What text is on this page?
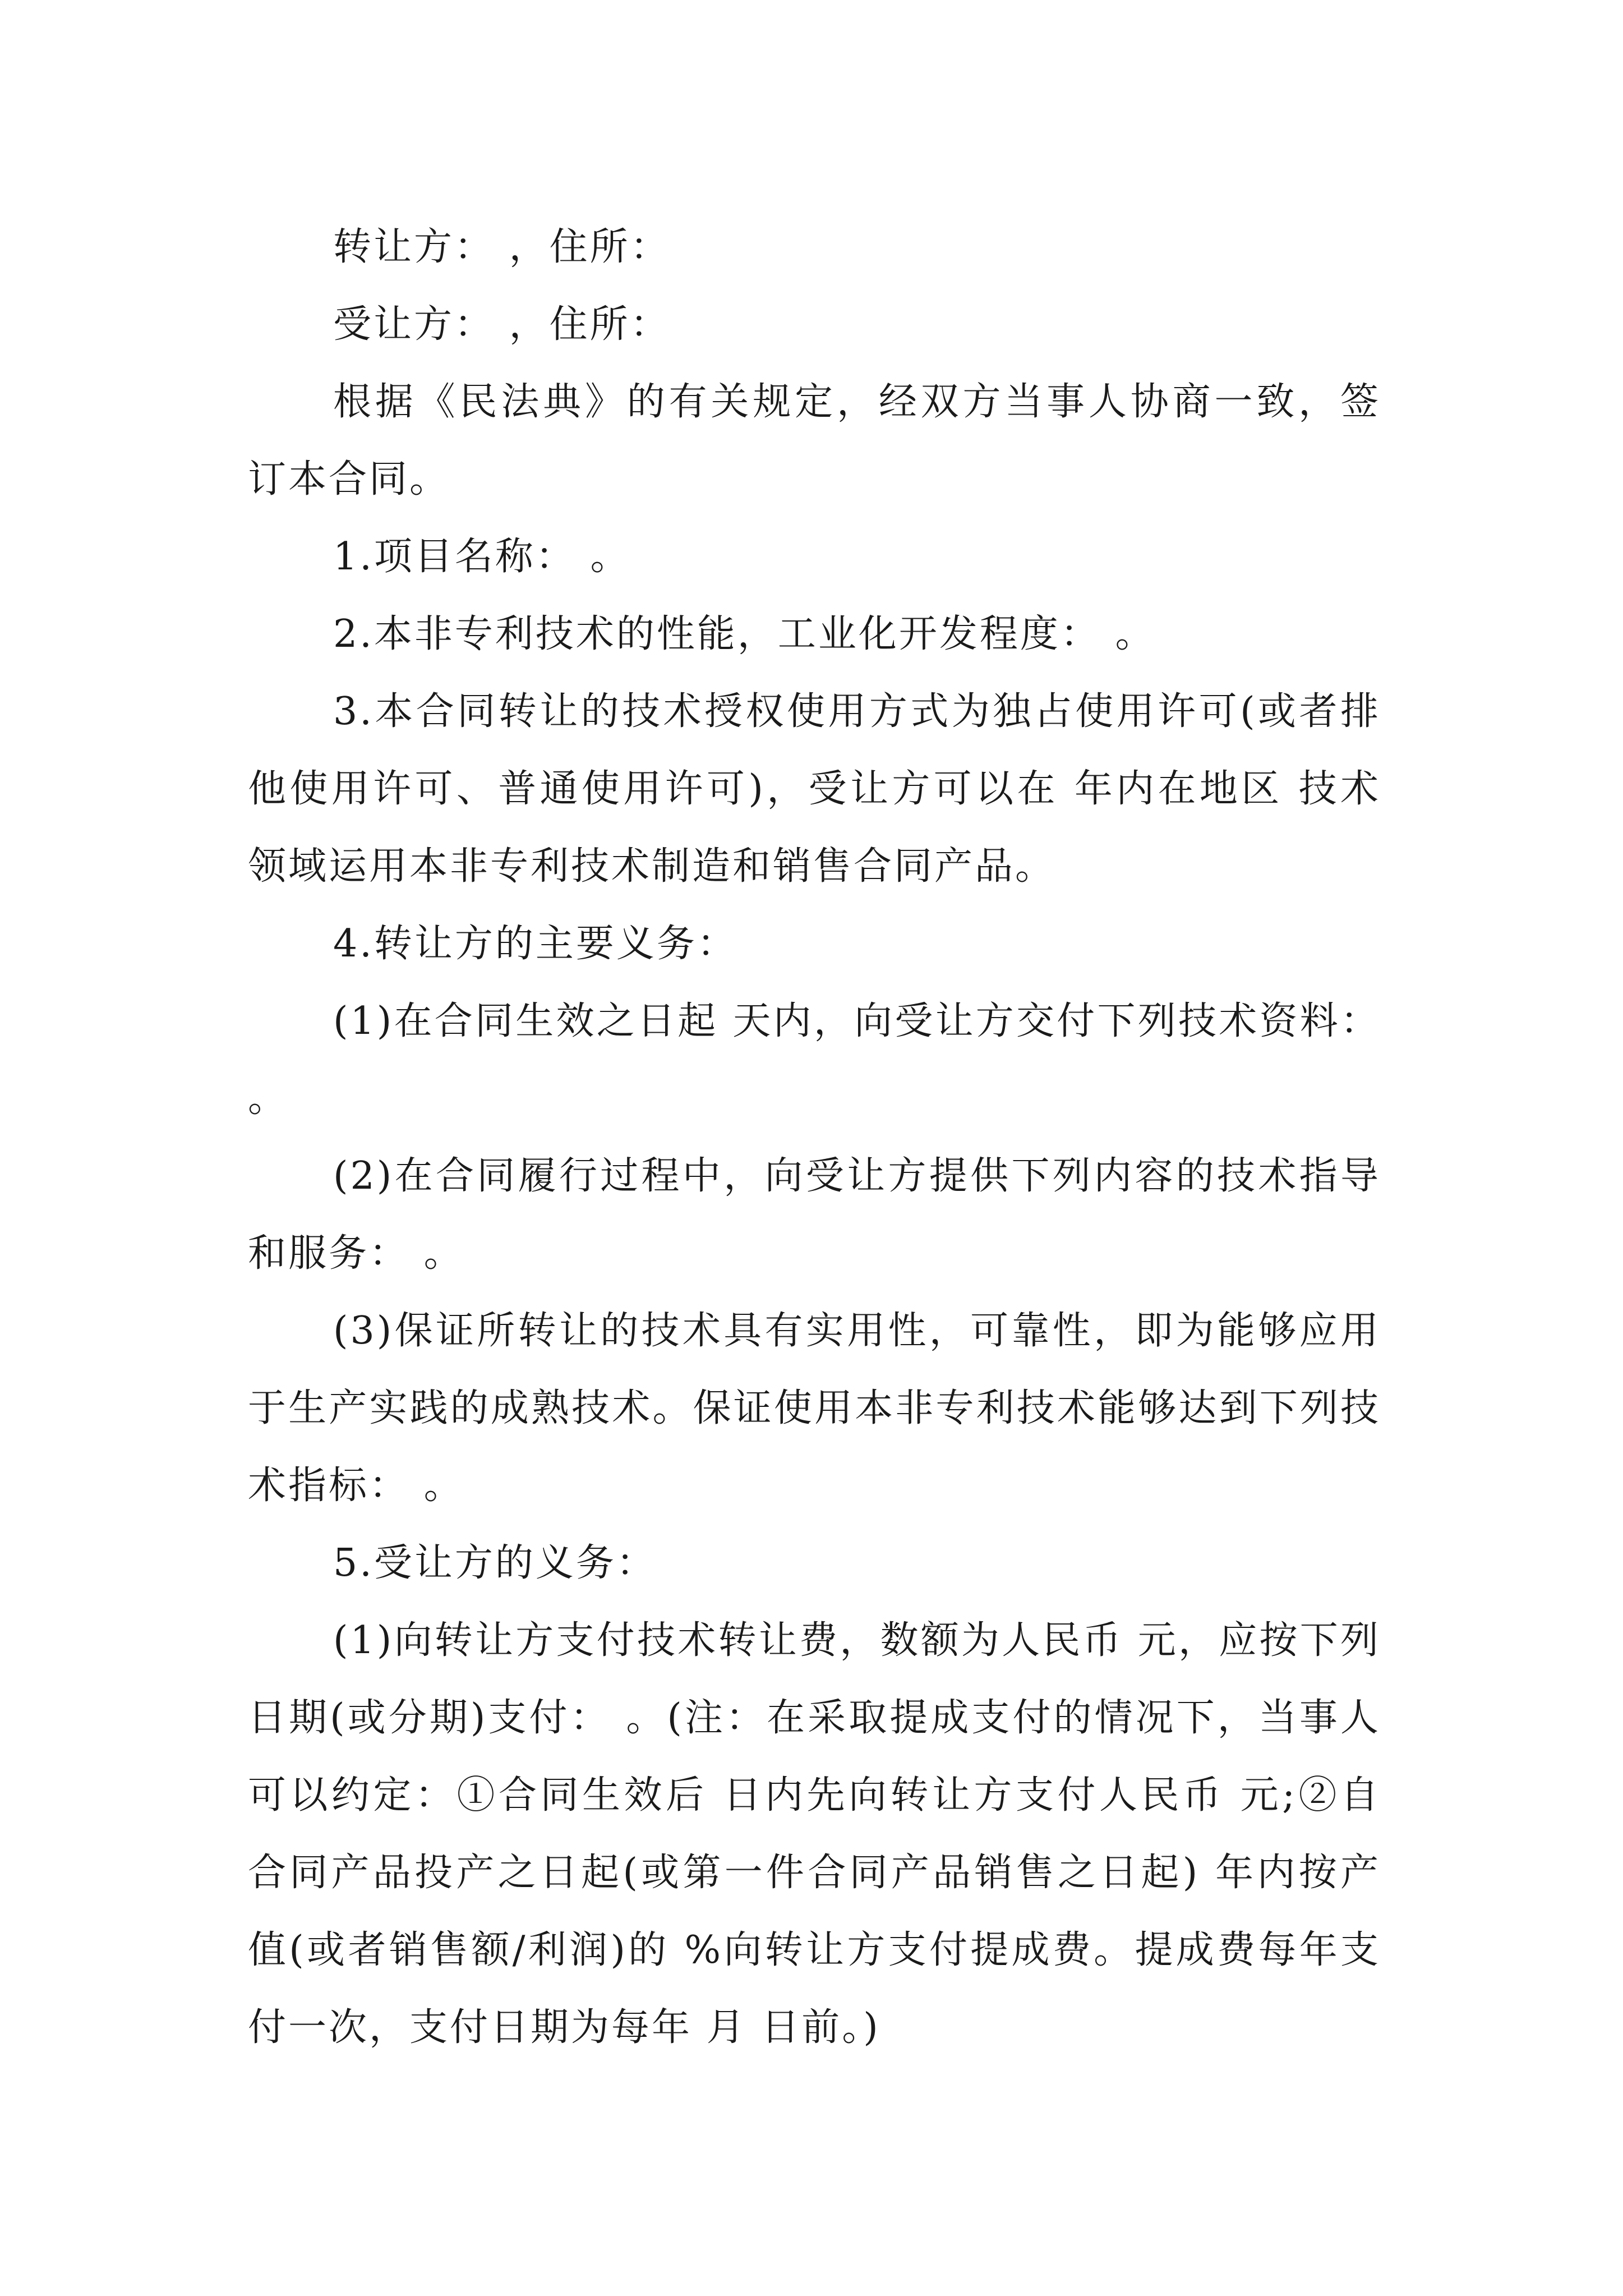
转让方： ，住所：

受让方： ，住所：

根据《民法典》的有关规定，经双方当事人协商一致，签订本合同。

1.项目名称： 。

2.本非专利技术的性能，工业化开发程度： 。

3.本合同转让的技术授权使用方式为独占使用许可(或者排他使用许可、普通使用许可)，受让方可以在 年内在地区 技术领域运用本非专利技术制造和销售合同产品。

4.转让方的主要义务：

(1)在合同生效之日起 天内，向受让方交付下列技术资料： 。

(2)在合同履行过程中，向受让方提供下列内容的技术指导和服务： 。

(3)保证所转让的技术具有实用性，可靠性，即为能够应用于生产实践的成熟技术。保证使用本非专利技术能够达到下列技术指标： 。

5.受让方的义务：

(1)向转让方支付技术转让费，数额为人民币 元，应按下列日期(或分期)支付： 。(注：在采取提成支付的情况下，当事人可以约定：①合同生效后 日内先向转让方支付人民币 元;②自合同产品投产之日起(或第一件合同产品销售之日起) 年内按产值(或者销售额/利润)的 %向转让方支付提成费。提成费每年支付一次，支付日期为每年 月 日前。)
